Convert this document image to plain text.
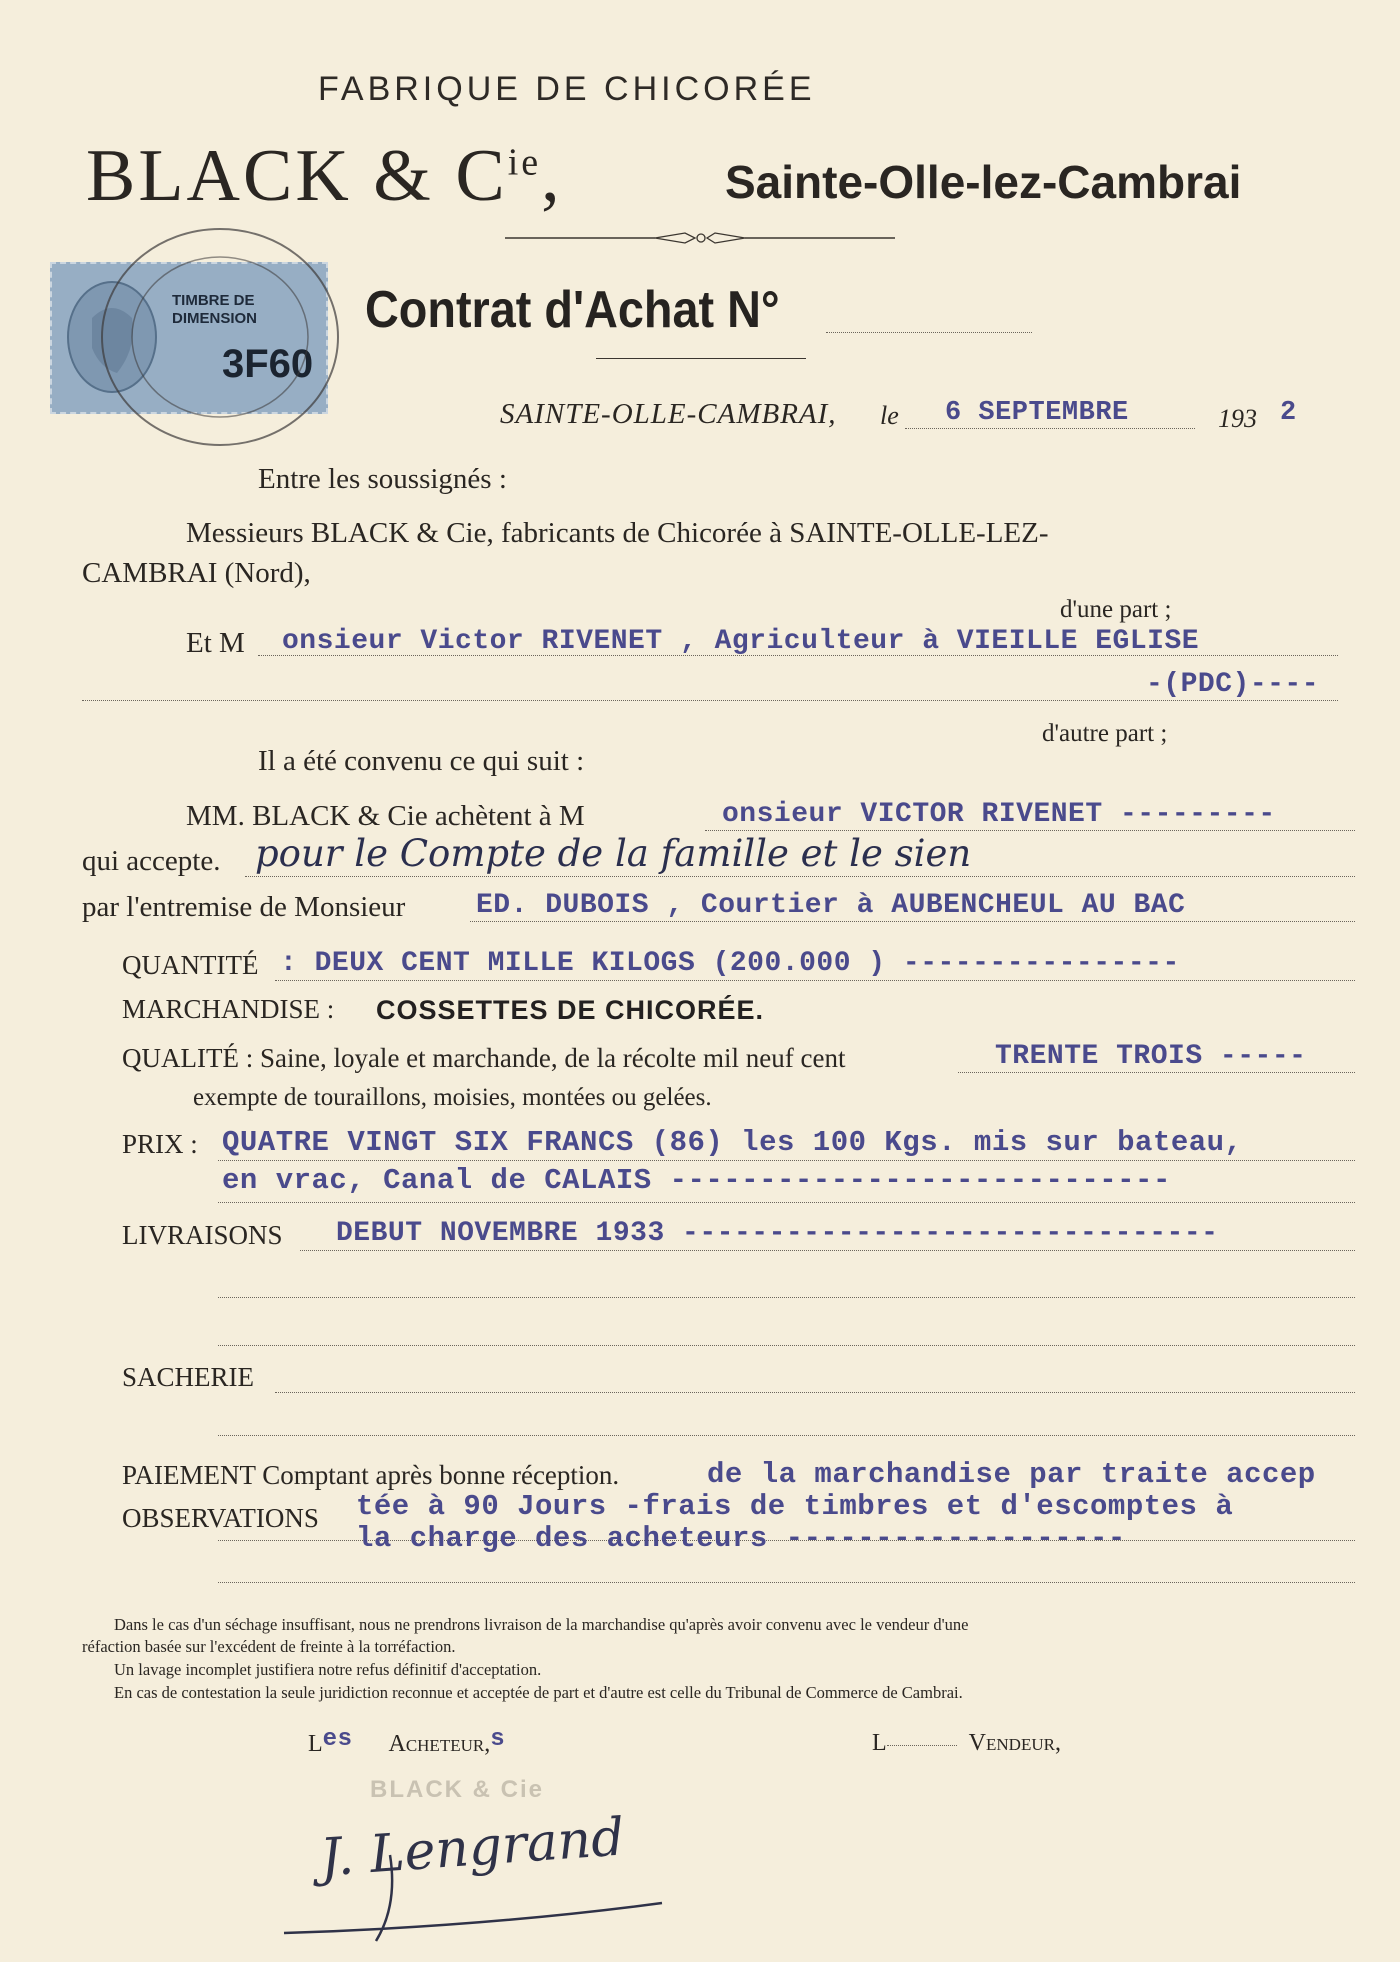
FABRIQUE DE CHICORÉE
BLACK & $C^{ie}$,	Sainte-Olle-lez-Cambrai
TIMBRE DE
DIMENSION
3F60
Contrat d'Achat N°
SAINTE-OLLE-CAMBRAI, le 6 SEPTEMBRE	193 2
Entre les soussignés :
Messieurs BLACK & Cie, fabricants de Chicorée à SAINTE-OLLE-LEZ-
CAMBRAI (Nord),
d'une part ;
Et M onsieur Victor RIVENET , Agriculteur à VIEILLE EGLISE
-(PDC)----
d'autre part ;
Il a été convenu ce qui suit :
MM. BLACK & Cie achètent à M	onsieur VICTOR RIVENET ---------
qui accepte. pour le Compte de la famille et le sien
par l'entremise de Monsieur	ED. DUBOIS , Courtier à AUBENCHEUL AU BAC
QUANTITÉ : DEUX CENT MILLE KILOGS (200.000 ) ----------------
MARCHANDISE : COSSETTES DE CHICORÉE.
QUALITÉ : Saine, loyale et marchande, de la récolte mil neuf cent	TRENTE TROIS -----
exempte de touraillons, moisies, montées ou gelées.
PRIX : QUATRE VINGT SIX FRANCS (86) les 100 Kgs. mis sur bateau,
en vrac, Canal de CALAIS ----------------------------
LIVRAISONS DEBUT NOVEMBRE 1933 -------------------------------
SACHERIE
PAIEMENT Comptant après bonne réception.	de la marchandise par traite accep
OBSERVATIONS tée à 90 Jours -frais de timbres et d'escomptes à
la charge des acheteurs -------------------
Dans le cas d'un séchage insuffisant, nous ne prendrons livraison de la marchandise qu'après avoir convenu avec le vendeur d'une
réfaction basée sur l'excédent de freinte à la torréfaction.
Un lavage incomplet justifiera notre refus définitif d'acceptation.
En cas de contestation la seule juridiction reconnue et acceptée de part et d'autre est celle du Tribunal de Commerce de Cambrai.
Les Acheteur,s	L	Vendeur,
BLACK & Cie
J. Lengrand
